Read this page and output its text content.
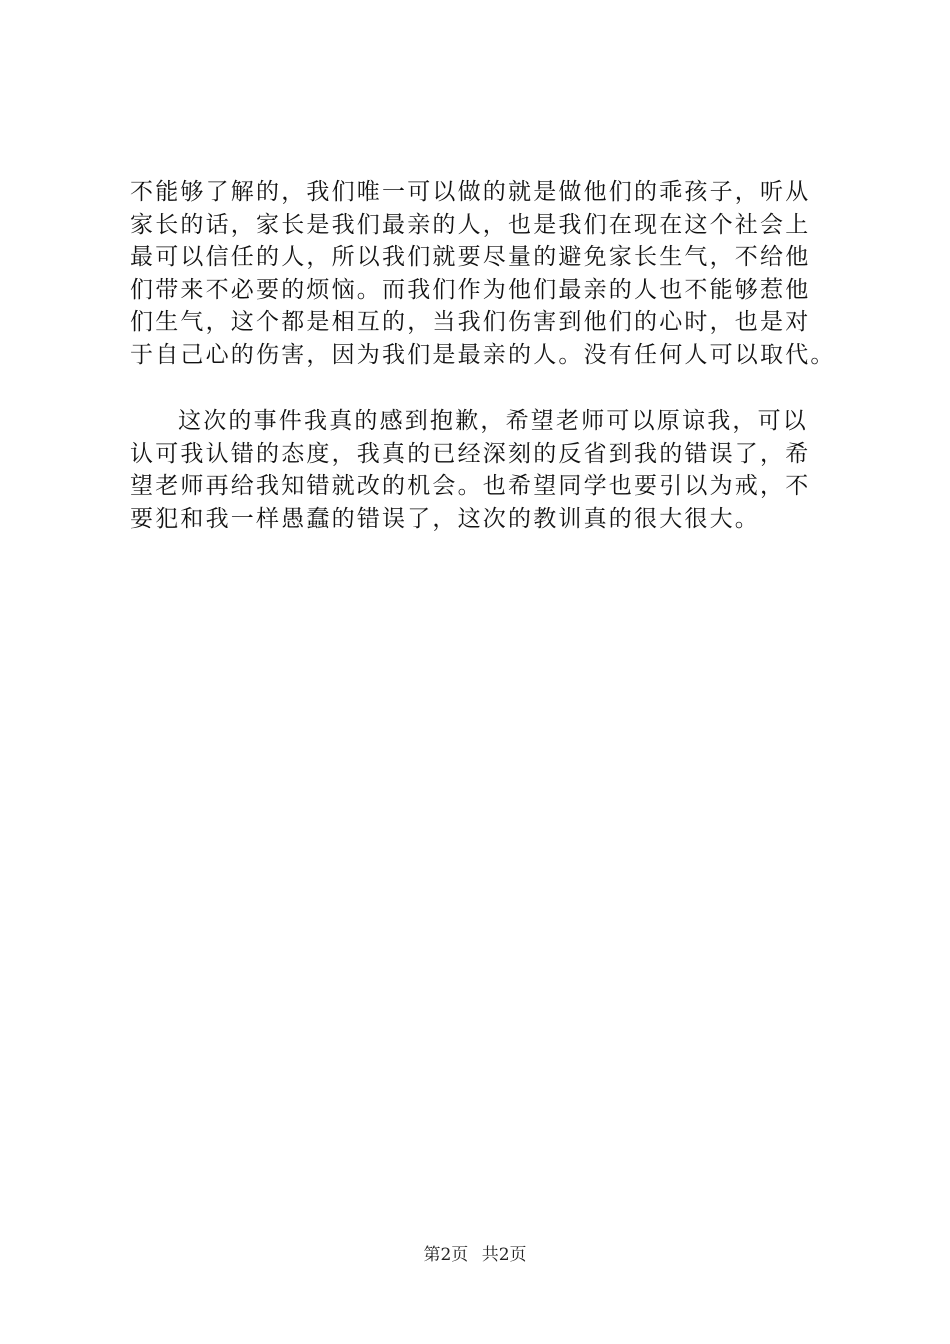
不能够了解的，我们唯一可以做的就是做他们的乖孩子，听从
家长的话，家长是我们最亲的人，也是我们在现在这个社会上
最可以信任的人，所以我们就要尽量的避免家长生气，不给他
们带来不必要的烦恼。而我们作为他们最亲的人也不能够惹他
们生气，这个都是相互的，当我们伤害到他们的心时，也是对
于自己心的伤害，因为我们是最亲的人。没有任何人可以取代。
这次的事件我真的感到抱歉，希望老师可以原谅我，可以
认可我认错的态度，我真的已经深刻的反省到我的错误了，希
望老师再给我知错就改的机会。也希望同学也要引以为戒，不
要犯和我一样愚蠢的错误了，这次的教训真的很大很大。
第2页 共2页
